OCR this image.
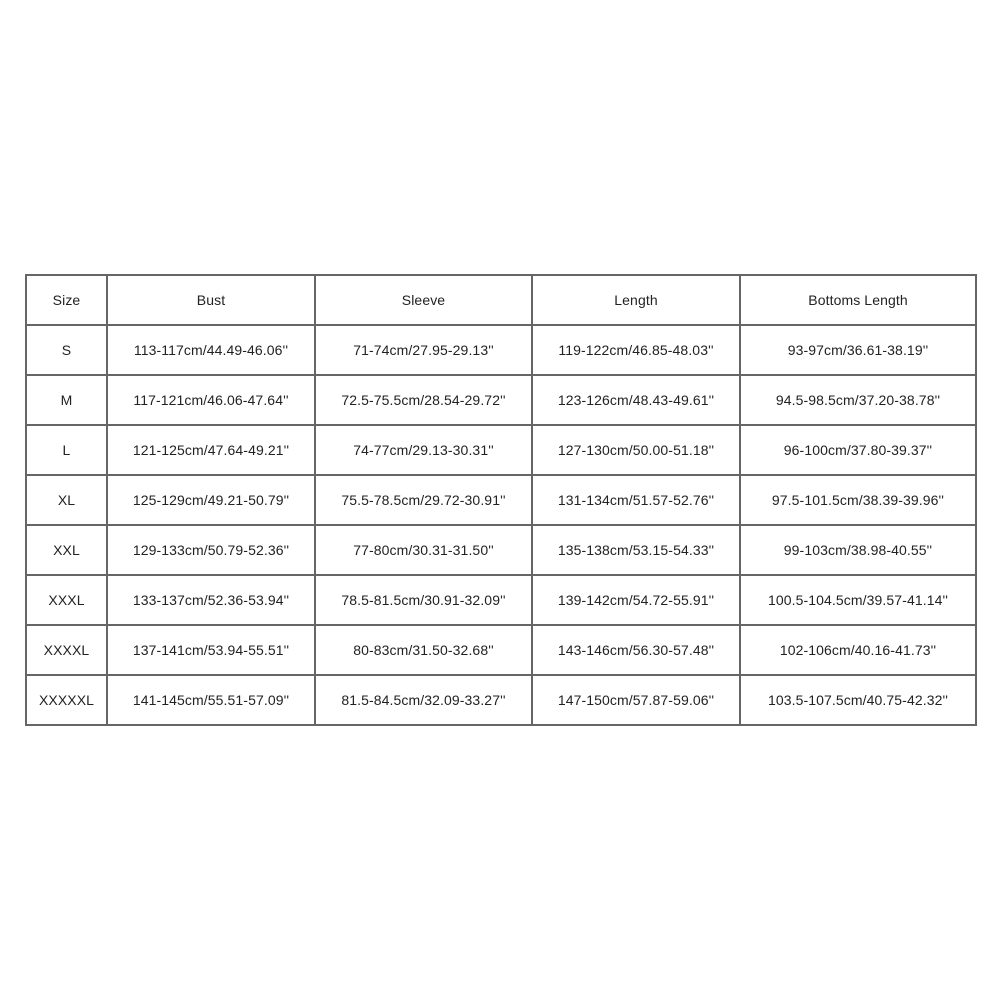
Size	Bust	Sleeve	Length	Bottoms Length
S	113-117cm/44.49-46.06''	71-74cm/27.95-29.13''	119-122cm/46.85-48.03''	93-97cm/36.61-38.19''
M	117-121cm/46.06-47.64''	72.5-75.5cm/28.54-29.72''	123-126cm/48.43-49.61''	94.5-98.5cm/37.20-38.78''
L	121-125cm/47.64-49.21''	74-77cm/29.13-30.31''	127-130cm/50.00-51.18''	96-100cm/37.80-39.37''
XL	125-129cm/49.21-50.79''	75.5-78.5cm/29.72-30.91''	131-134cm/51.57-52.76''	97.5-101.5cm/38.39-39.96''
XXL	129-133cm/50.79-52.36''	77-80cm/30.31-31.50''	135-138cm/53.15-54.33''	99-103cm/38.98-40.55''
XXXL	133-137cm/52.36-53.94''	78.5-81.5cm/30.91-32.09''	139-142cm/54.72-55.91''	100.5-104.5cm/39.57-41.14''
XXXXL	137-141cm/53.94-55.51''	80-83cm/31.50-32.68''	143-146cm/56.30-57.48''	102-106cm/40.16-41.73''
XXXXXL	141-145cm/55.51-57.09''	81.5-84.5cm/32.09-33.27''	147-150cm/57.87-59.06''	103.5-107.5cm/40.75-42.32''
